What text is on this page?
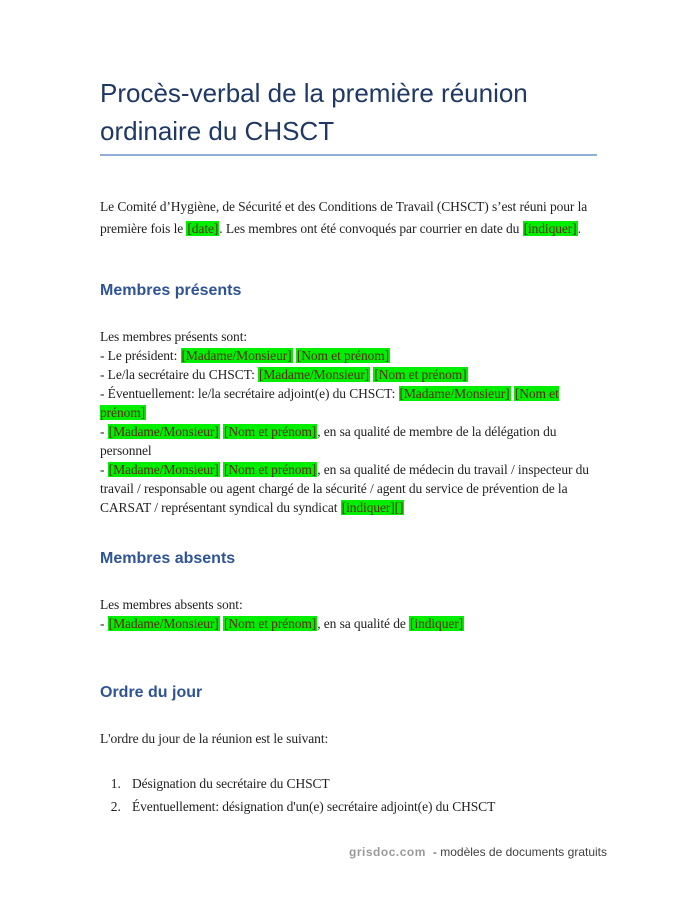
Procès-verbal de la première réunion ordinaire du CHSCT

Le Comité d’Hygiène, de Sécurité et des Conditions de Travail (CHSCT) s’est réuni pour la première fois le [date]. Les membres ont été convoqués par courrier en date du [indiquer].

Membres présents

Les membres présents sont:

- Le président: [Madame/Monsieur] [Nom et prénom]
- Le/la secrétaire du CHSCT: [Madame/Monsieur] [Nom et prénom]
- Éventuellement: le/la secrétaire adjoint(e) du CHSCT: [Madame/Monsieur] [Nom et prénom]
- [Madame/Monsieur] [Nom et prénom], en sa qualité de membre de la délégation du personnel
- [Madame/Monsieur] [Nom et prénom], en sa qualité de médecin du travail / inspecteur du travail / responsable ou agent chargé de la sécurité / agent du service de prévention de la CARSAT / représentant syndical du syndicat [indiquer][]
Membres absents

Les membres absents sont:

- [Madame/Monsieur] [Nom et prénom], en sa qualité de [indiquer]
Ordre du jour

L'ordre du jour de la réunion est le suivant:

1. Désignation du secrétaire du CHSCT
2. Éventuellement: désignation d'un(e) secrétaire adjoint(e) du CHSCT
grisdoc.com - modèles de documents gratuits
